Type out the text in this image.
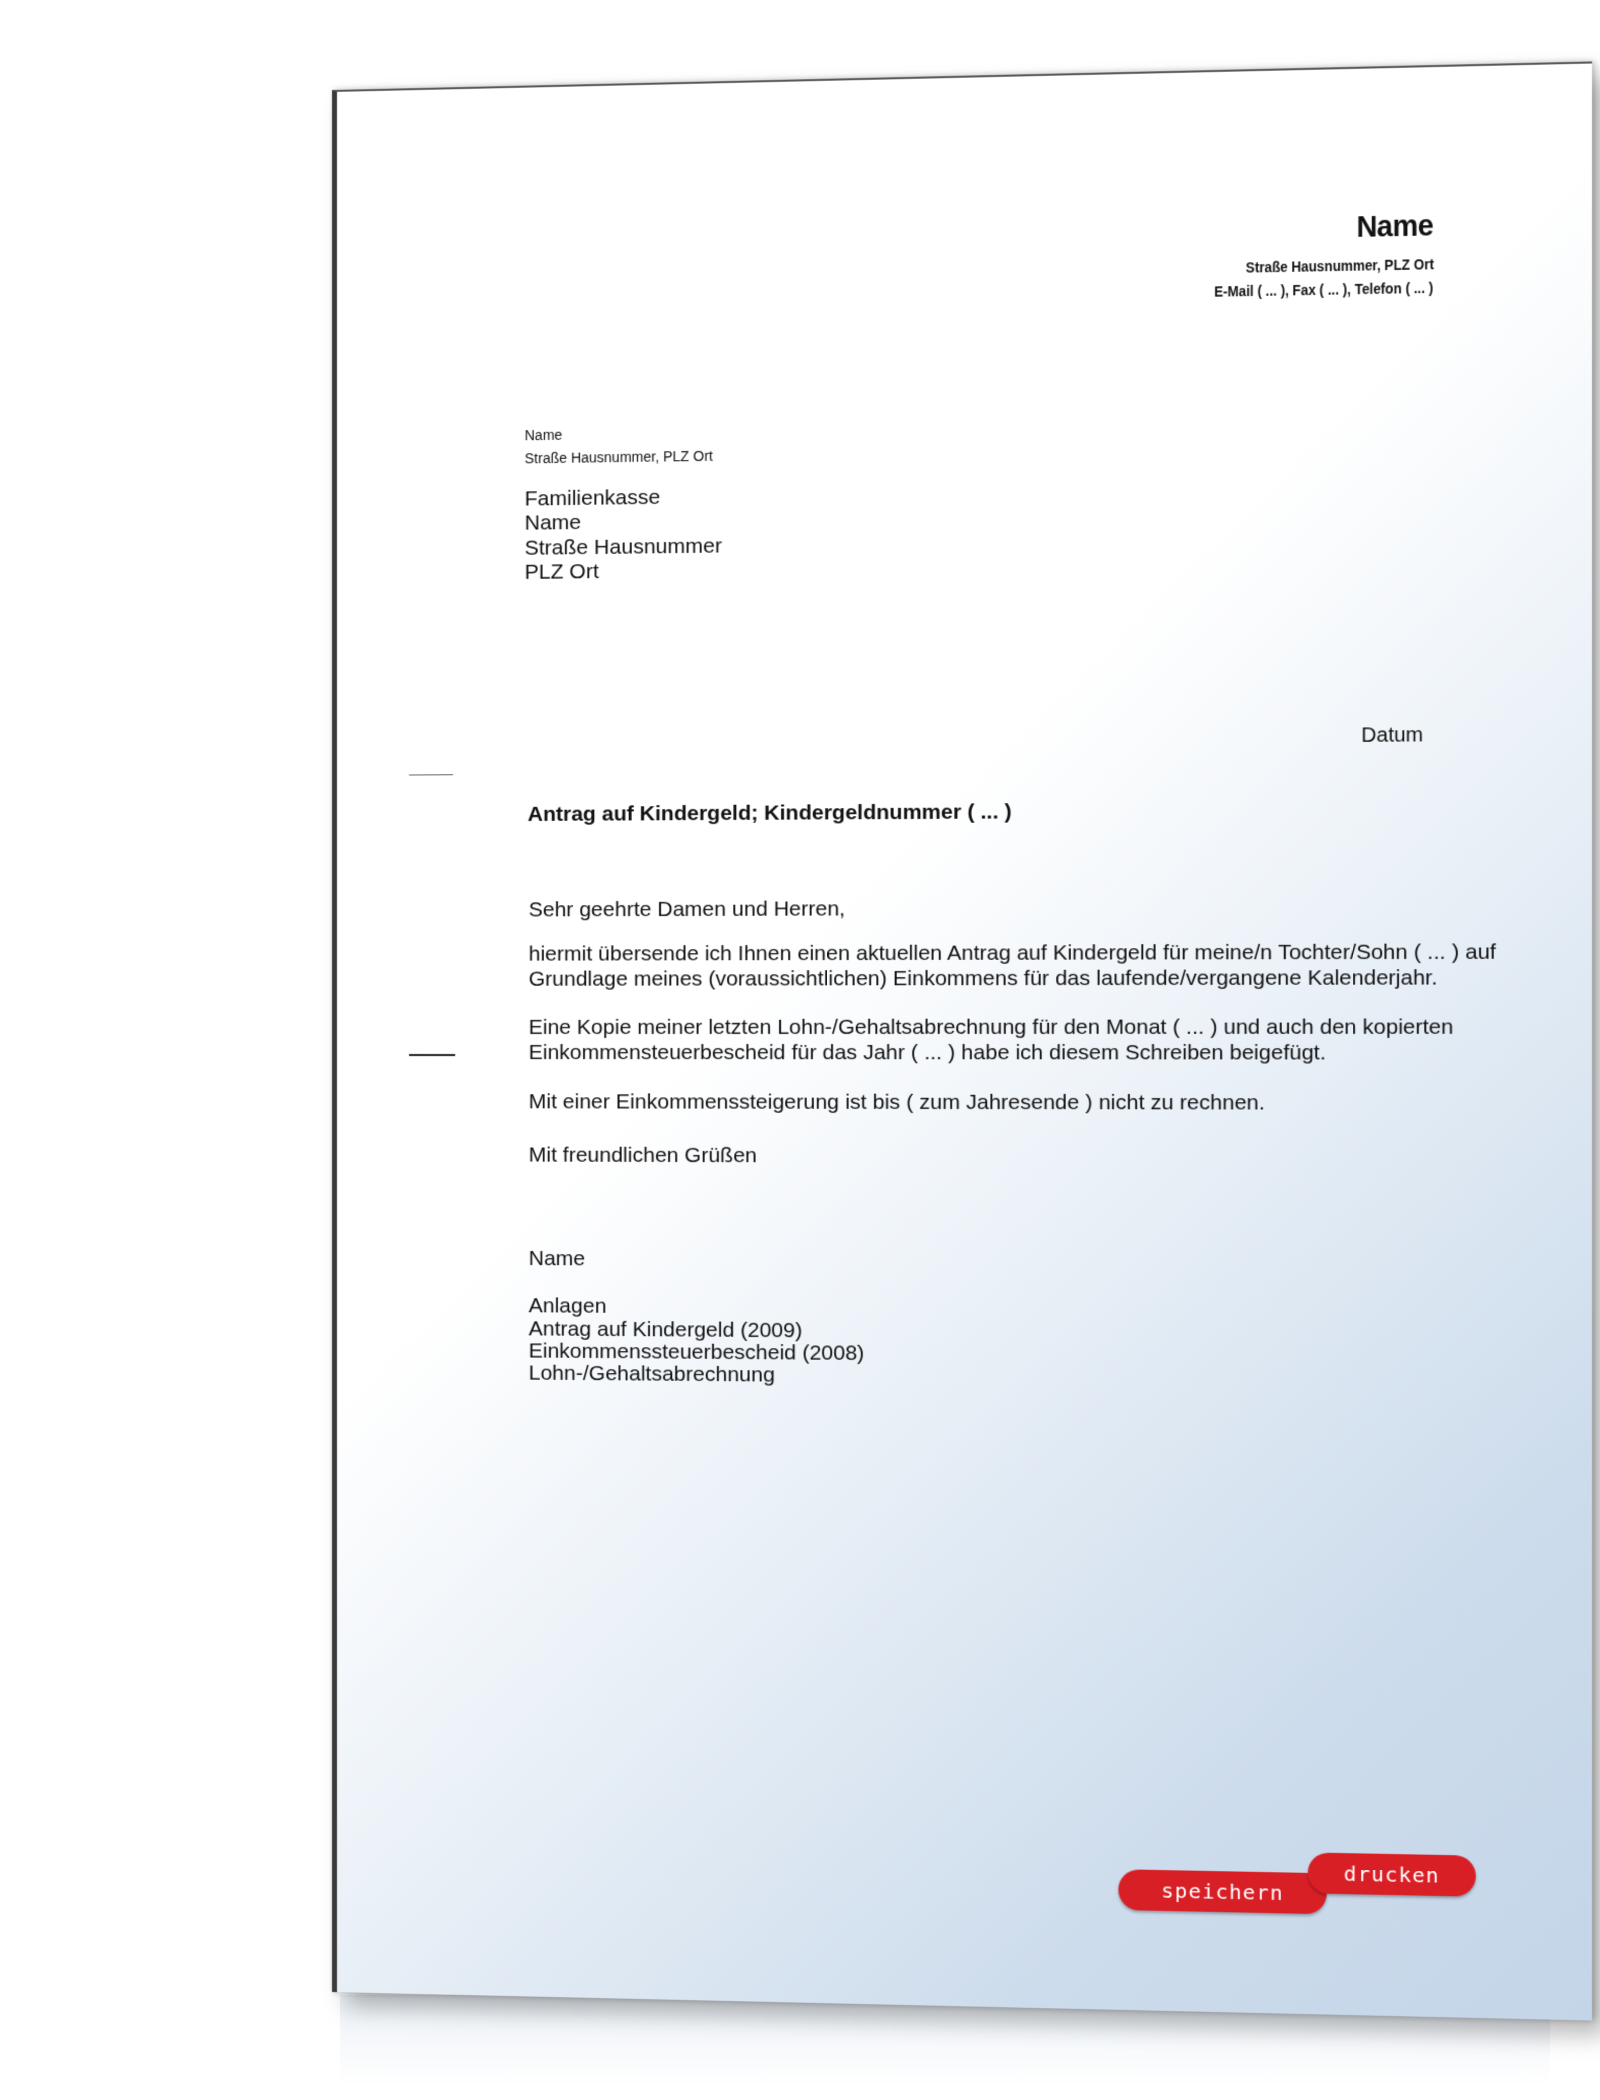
Name
Straße Hausnummer, PLZ Ort
E-Mail ( ... ), Fax ( ... ), Telefon ( ... )
Name
Straße Hausnummer, PLZ Ort
Familienkasse
Name
Straße Hausnummer
PLZ Ort
Datum
Antrag auf Kindergeld; Kindergeldnummer ( ... )
Sehr geehrte Damen und Herren,
hiermit übersende ich Ihnen einen aktuellen Antrag auf Kindergeld für meine/n Tochter/Sohn ( ... ) auf
Grundlage meines (voraussichtlichen) Einkommens für das laufende/vergangene Kalenderjahr.
Eine Kopie meiner letzten Lohn-/Gehaltsabrechnung für den Monat ( ... ) und auch den kopierten
Einkommensteuerbescheid für das Jahr ( ... ) habe ich diesem Schreiben beigefügt.
Mit einer Einkommenssteigerung ist bis ( zum Jahresende ) nicht zu rechnen.
Mit freundlichen Grüßen
Name
Anlagen
Antrag auf Kindergeld (2009)
Einkommenssteuerbescheid (2008)
Lohn-/Gehaltsabrechnung
speichern
drucken
